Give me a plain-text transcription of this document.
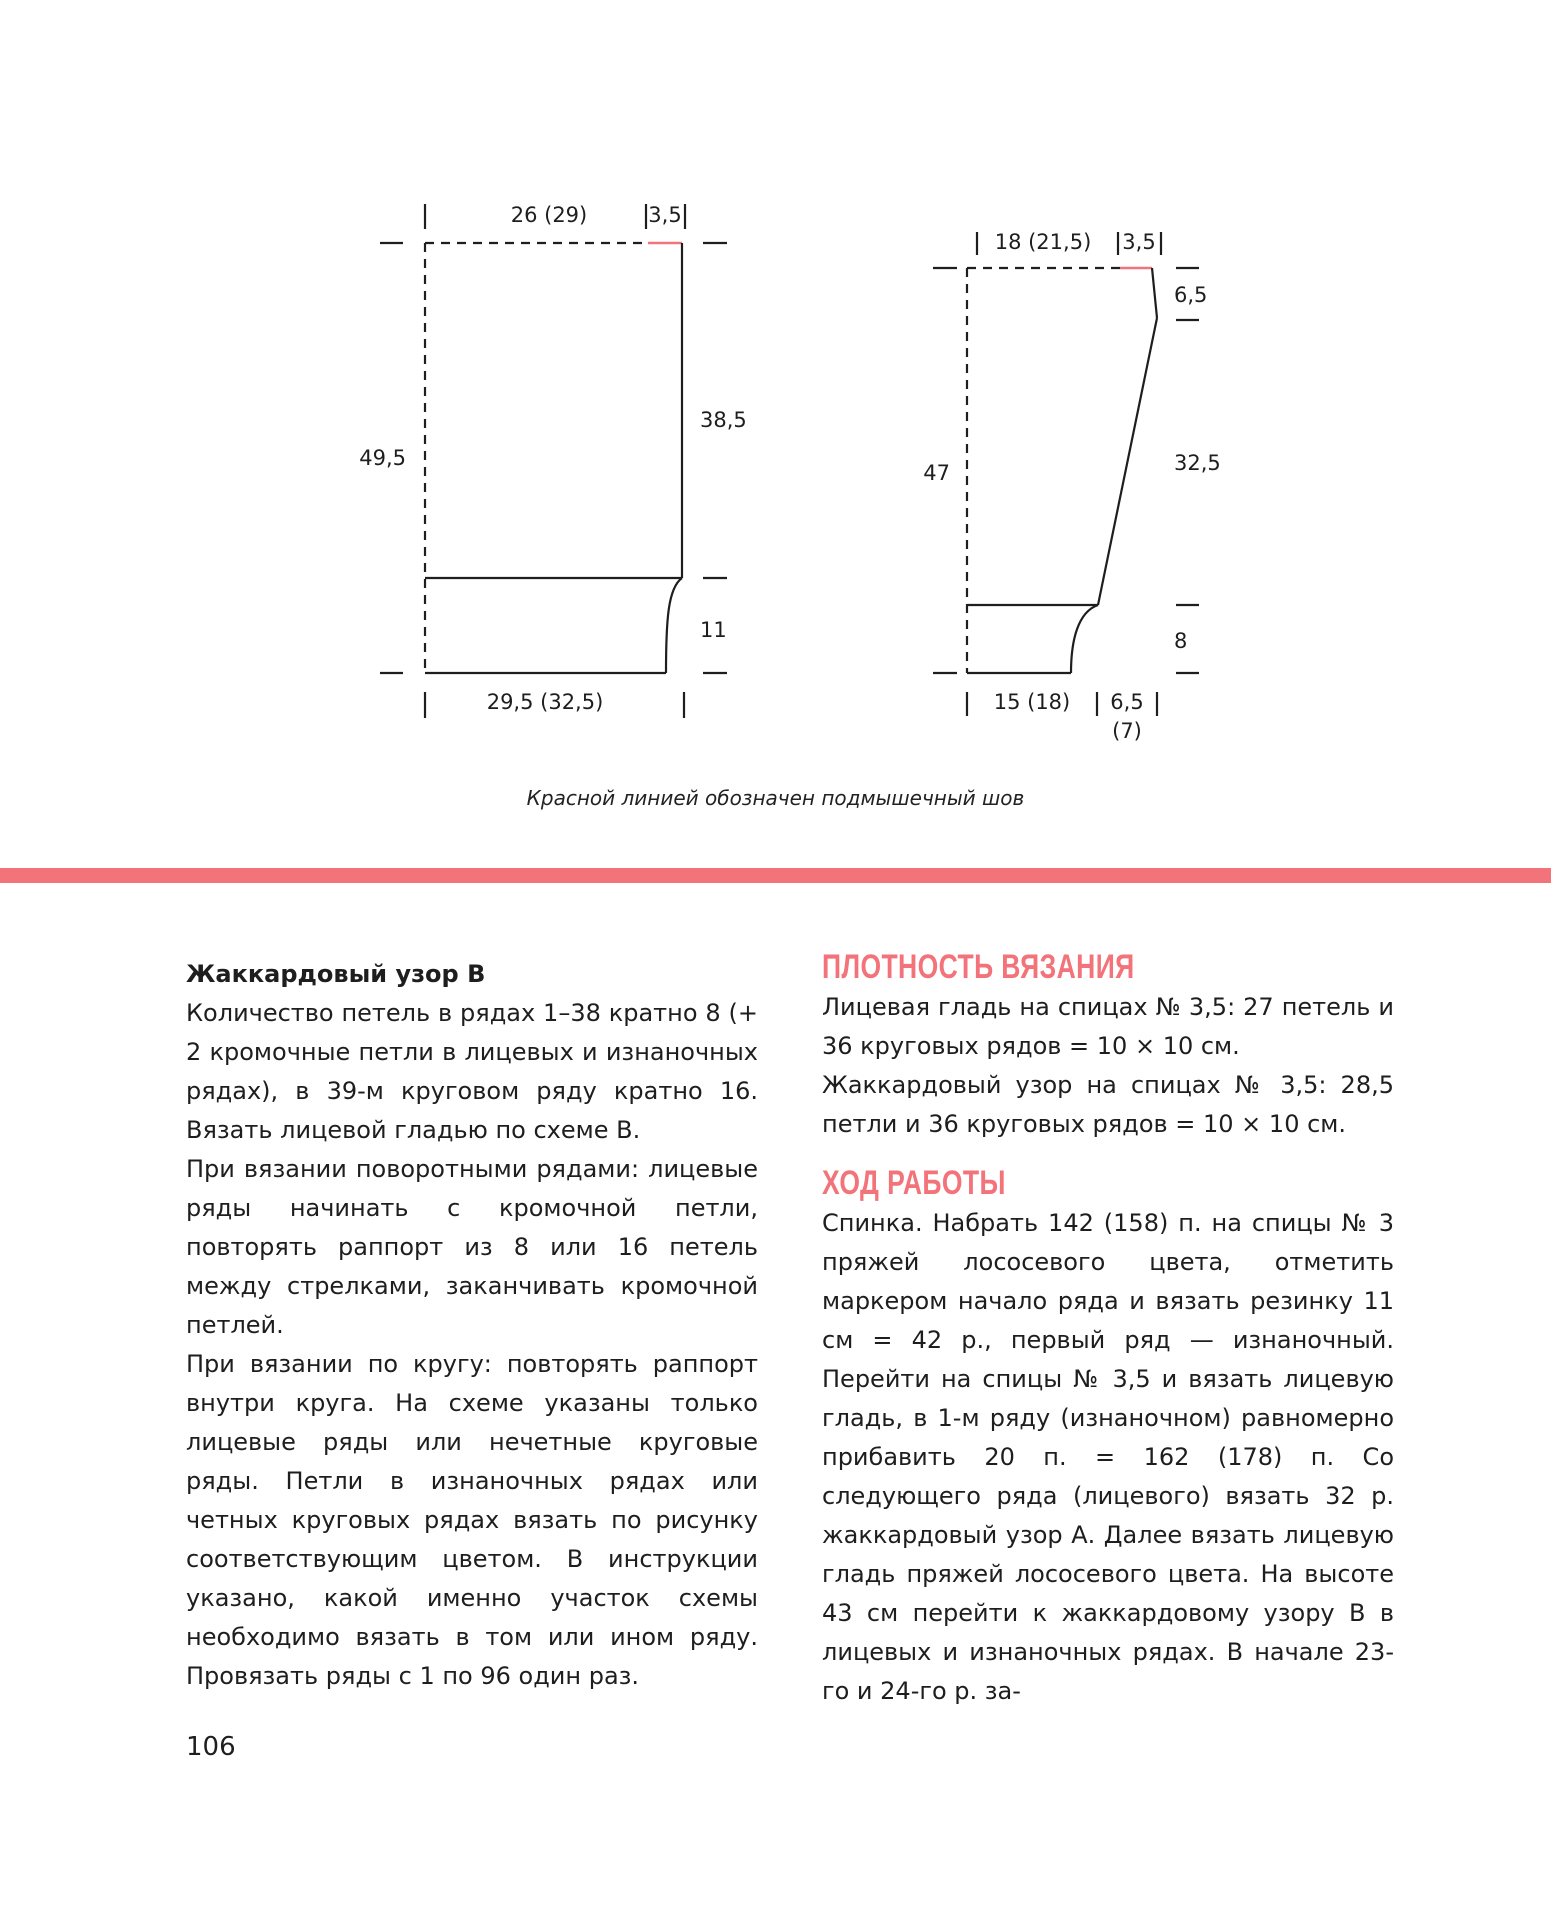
26 (29)	3,5
49,5
38,5
11
29,5 (32,5)
18 (21,5) 3,5
6,5
47	32,5
8
15 (18) 6,5
(7)
Красной линией обозначен подмышечный шов
Жаккардовый узор В

Количество петель в рядах 1–38 кратно 8 (+ 2 кромочные петли в лицевых и изнаночных рядах), в 39-м круговом ряду кратно 16. Вязать лицевой гладью по схеме В.

При вязании поворотными рядами: лицевые ряды начинать с кромочной петли, повторять раппорт из 8 или 16 петель между стрелками, заканчивать кромочной петлей.

При вязании по кругу: повторять раппорт внутри круга. На схеме указаны только лицевые ряды или нечетные круговые ряды. Петли в изнаночных рядах или четных круговых рядах вязать по рисунку соответствующим цветом. В инструкции указано, какой именно участок схемы необходимо вязать в том или ином ряду. Провязать ряды с 1 по 96 один раз.

ПЛОТНОСТЬ ВЯЗАНИЯ

Лицевая гладь на спицах № 3,5: 27 петель и 36 круговых рядов = 10 × 10 см.

Жаккардовый узор на спицах № 3,5: 28,5 петли и 36 круговых рядов = 10 × 10 см.

ХОД РАБОТЫ

Спинка. Набрать 142 (158) п. на спицы № 3 пряжей лососевого цвета, отметить маркером начало ряда и вязать резинку 11 см = 42 р., первый ряд — изнаночный. Перейти на спицы № 3,5 и вязать лицевую гладь, в 1-м ряду (изнаночном) равномерно прибавить 20 п. = 162 (178) п. Со следующего ряда (лицевого) вязать 32 р. жаккардовый узор А. Далее вязать лицевую гладь пряжей лососевого цвета. На высоте 43 см перейти к жаккардовому узору В в лицевых и изнаночных рядах. В начале 23-го и 24-го р. за-

106
